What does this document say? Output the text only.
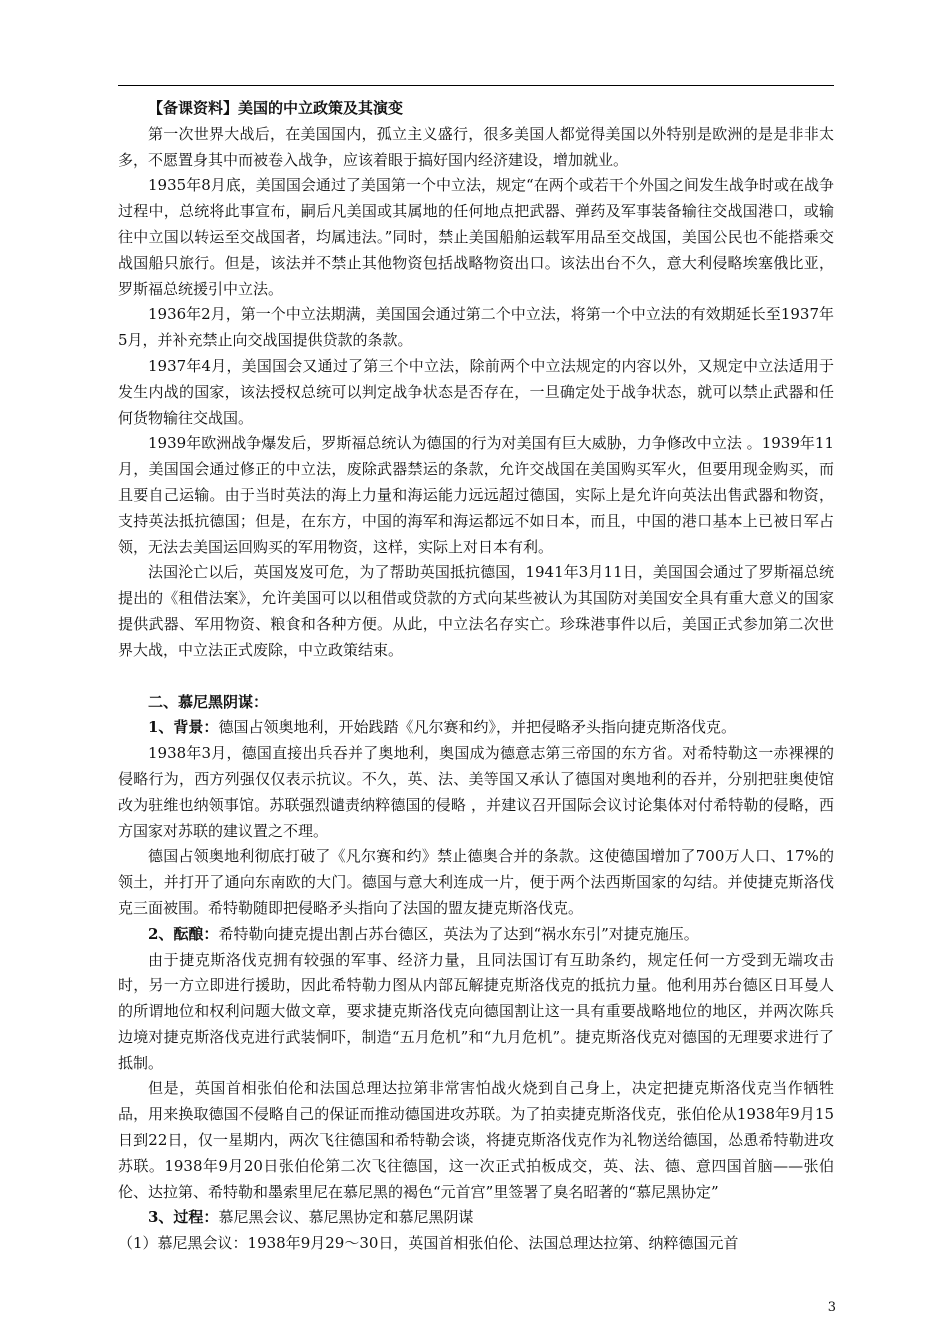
【备课资料】美国的中立政策及其演变

第一次世界大战后，在美国国内，孤立主义盛行，很多美国人都觉得美国以外特别是欧洲的是是非非太多，不愿置身其中而被卷入战争，应该着眼于搞好国内经济建设，增加就业。

1935年8月底，美国国会通过了美国第一个中立法，规定“在两个或若干个外国之间发生战争时或在战争过程中，总统将此事宣布，嗣后凡美国或其属地的任何地点把武器、弹药及军事装备输往交战国港口，或输往中立国以转运至交战国者，均属违法。”同时，禁止美国船舶运载军用品至交战国，美国公民也不能搭乘交战国船只旅行。但是，该法并不禁止其他物资包括战略物资出口。该法出台不久，意大利侵略埃塞俄比亚，罗斯福总统援引中立法。

1936年2月，第一个中立法期满，美国国会通过第二个中立法，将第一个中立法的有效期延长至1937年5月，并补充禁止向交战国提供贷款的条款。

1937年4月，美国国会又通过了第三个中立法，除前两个中立法规定的内容以外，又规定中立法适用于发生内战的国家，该法授权总统可以判定战争状态是否存在，一旦确定处于战争状态，就可以禁止武器和任何货物输往交战国。

1939年欧洲战争爆发后，罗斯福总统认为德国的行为对美国有巨大威胁，力争修改中立法 。1939年11月，美国国会通过修正的中立法，废除武器禁运的条款，允许交战国在美国购买军火，但要用现金购买，而且要自己运输。由于当时英法的海上力量和海运能力远远超过德国，实际上是允许向英法出售武器和物资，支持英法抵抗德国；但是，在东方，中国的海军和海运都远不如日本，而且，中国的港口基本上已被日军占领，无法去美国运回购买的军用物资，这样，实际上对日本有利。

法国沦亡以后，英国岌岌可危，为了帮助英国抵抗德国，1941年3月11日，美国国会通过了罗斯福总统提出的《租借法案》，允许美国可以以租借或贷款的方式向某些被认为其国防对美国安全具有重大意义的国家提供武器、军用物资、粮食和各种方便。从此，中立法名存实亡。珍珠港事件以后，美国正式参加第二次世界大战，中立法正式废除，中立政策结束。

二、慕尼黑阴谋：

1、背景：德国占领奥地利，开始践踏《凡尔赛和约》，并把侵略矛头指向捷克斯洛伐克。

1938年3月，德国直接出兵吞并了奥地利，奥国成为德意志第三帝国的东方省。对希特勒这一赤裸裸的侵略行为，西方列强仅仅表示抗议。不久，英、法、美等国又承认了德国对奥地利的吞并，分别把驻奥使馆改为驻维也纳领事馆。苏联强烈谴责纳粹德国的侵略 ，并建议召开国际会议讨论集体对付希特勒的侵略，西方国家对苏联的建议置之不理。

德国占领奥地利彻底打破了《凡尔赛和约》禁止德奥合并的条款。这使德国增加了700万人口、17%的领土，并打开了通向东南欧的大门。德国与意大利连成一片，便于两个法西斯国家的勾结。并使捷克斯洛伐克三面被围。希特勒随即把侵略矛头指向了法国的盟友捷克斯洛伐克。

2、酝酿：希特勒向捷克提出割占苏台德区，英法为了达到“祸水东引”对捷克施压。

由于捷克斯洛伐克拥有较强的军事、经济力量，且同法国订有互助条约，规定任何一方受到无端攻击时，另一方立即进行援助，因此希特勒力图从内部瓦解捷克斯洛伐克的抵抗力量。他利用苏台德区日耳曼人的所谓地位和权利问题大做文章，要求捷克斯洛伐克向德国割让这一具有重要战略地位的地区，并两次陈兵边境对捷克斯洛伐克进行武装恫吓，制造“五月危机”和“九月危机”。捷克斯洛伐克对德国的无理要求进行了抵制。

但是，英国首相张伯伦和法国总理达拉第非常害怕战火烧到自己身上，决定把捷克斯洛伐克当作牺牲品，用来换取德国不侵略自己的保证而推动德国进攻苏联。为了拍卖捷克斯洛伐克，张伯伦从1938年9月15日到22日，仅一星期内，两次飞往德国和希特勒会谈，将捷克斯洛伐克作为礼物送给德国，怂恿希特勒进攻苏联。1938年9月20日张伯伦第二次飞往德国，这一次正式拍板成交，英、法、德、意四国首脑——张伯伦、达拉第、希特勒和墨索里尼在慕尼黑的褐色“元首宫”里签署了臭名昭著的“慕尼黑协定”

3、过程：慕尼黑会议、慕尼黑协定和慕尼黑阴谋

（1）慕尼黑会议：1938年9月29～30日，英国首相张伯伦、法国总理达拉第、纳粹德国元首

3
